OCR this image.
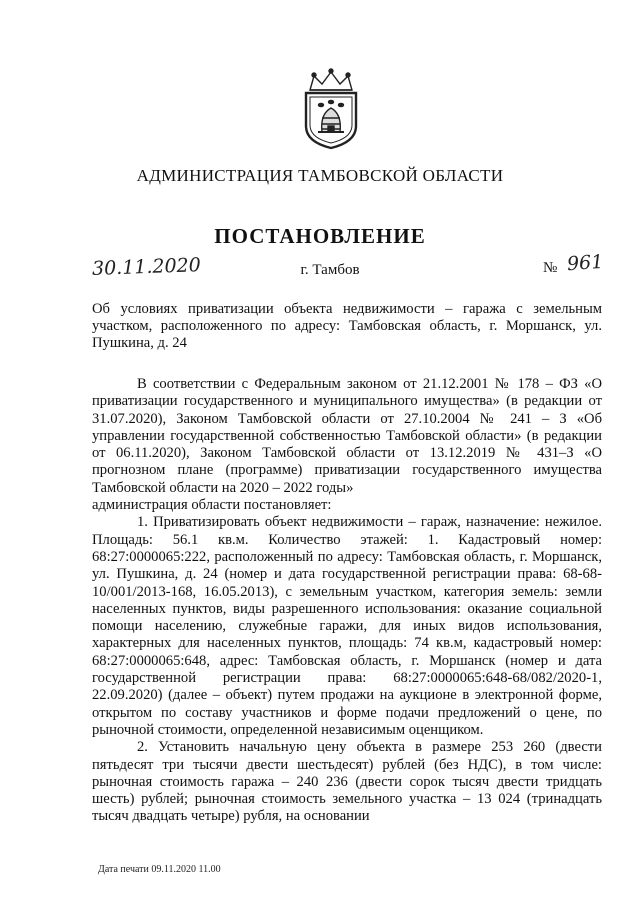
АДМИНИСТРАЦИЯ ТАМБОВСКОЙ ОБЛАСТИ
ПОСТАНОВЛЕНИЕ
30.11.2020	г. Тамбов	№ 961
Об условиях приватизации объекта недвижимости – гаража с земельным участком, расположенного по адресу: Тамбовская область, г. Моршанск, ул. Пушкина, д. 24

В соответствии с Федеральным законом от 21.12.2001 № 178 – ФЗ «О приватизации государственного и муниципального имущества» (в редакции от 31.07.2020), Законом Тамбовской области от 27.10.2004 № 241 – З «Об управлении государственной собственностью Тамбовской области» (в редакции от 06.11.2020), Законом Тамбовской области от 13.12.2019 № 431–З «О прогнозном плане (программе) приватизации государственного имущества Тамбовской области на 2020 – 2022 годы»

администрация области постановляет:

1. Приватизировать объект недвижимости – гараж, назначение: нежилое. Площадь: 56.1 кв.м. Количество этажей: 1. Кадастровый номер: 68:27:0000065:222, расположенный по адресу: Тамбовская область, г. Моршанск, ул. Пушкина, д. 24 (номер и дата государственной регистрации права: 68-68-10/001/2013-168, 16.05.2013), с земельным участком, категория земель: земли населенных пунктов, виды разрешенного использования: оказание социальной помощи населению, служебные гаражи, для иных видов использования, характерных для населенных пунктов, площадь: 74 кв.м, кадастровый номер: 68:27:0000065:648, адрес: Тамбовская область, г. Моршанск (номер и дата государственной регистрации права: 68:27:0000065:648-68/082/2020-1, 22.09.2020) (далее – объект) путем продажи на аукционе в электронной форме, открытом по составу участников и форме подачи предложений о цене, по рыночной стоимости, определенной независимым оценщиком.

2. Установить начальную цену объекта в размере 253 260 (двести пятьдесят три тысячи двести шестьдесят) рублей (без НДС), в том числе: рыночная стоимость гаража – 240 236 (двести сорок тысяч двести тридцать шесть) рублей; рыночная стоимость земельного участка – 13 024 (тринадцать тысяч двадцать четыре) рубля, на основании

Дата печати 09.11.2020 11.00
